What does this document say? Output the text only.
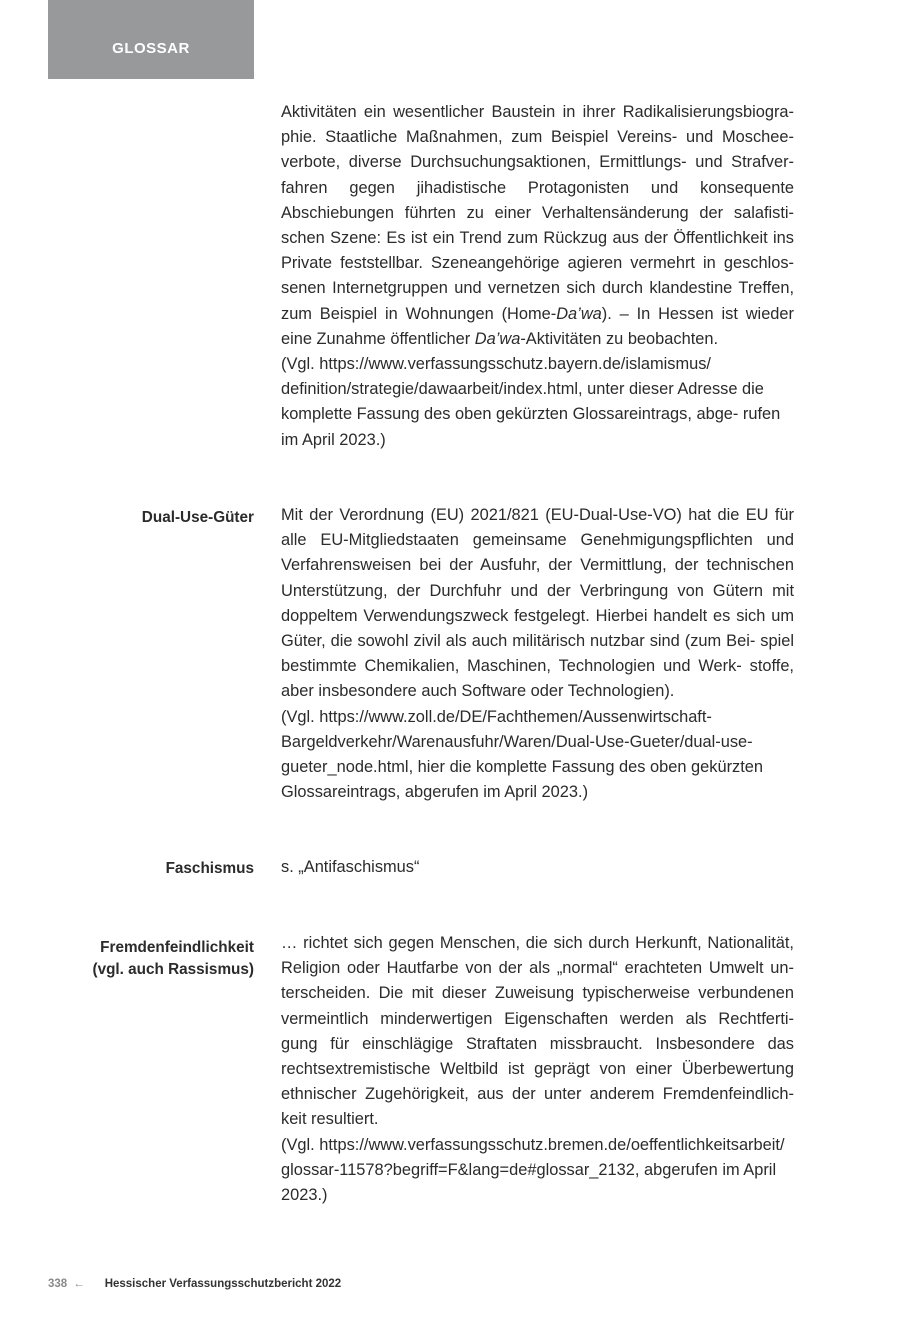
GLOSSAR

Aktivitäten ein wesentlicher Baustein in ihrer Radikalisierungsbiogra- phie. Staatliche Maßnahmen, zum Beispiel Vereins- und Moschee- verbote, diverse Durchsuchungsaktionen, Ermittlungs- und Strafver- fahren gegen jihadistische Protagonisten und konsequente Abschiebungen führten zu einer Verhaltensänderung der salafisti- schen Szene: Es ist ein Trend zum Rückzug aus der Öffentlichkeit ins Private feststellbar. Szeneangehörige agieren vermehrt in geschlos- senen Internetgruppen und vernetzen sich durch klandestine Treffen, zum Beispiel in Wohnungen (Home-Da’wa). – In Hessen ist wieder eine Zunahme öffentlicher Da’wa-Aktivitäten zu beobachten.

(Vgl. https://www.verfassungsschutz.bayern.de/islamismus/ definition/strategie/dawaarbeit/index.html, unter dieser Adresse die komplette Fassung des oben gekürzten Glossareintrags, abge- rufen im April 2023.)

Dual-Use-Güter Mit der Verordnung (EU) 2021/821 (EU-Dual-Use-VO) hat die EU für alle EU-Mitgliedstaaten gemeinsame Genehmigungspflichten und Verfahrensweisen bei der Ausfuhr, der Vermittlung, der technischen Unterstützung, der Durchfuhr und der Verbringung von Gütern mit doppeltem Verwendungszweck festgelegt. Hierbei handelt es sich um Güter, die sowohl zivil als auch militärisch nutzbar sind (zum Bei- spiel bestimmte Chemikalien, Maschinen, Technologien und Werk- stoffe, aber insbesondere auch Software oder Technologien).

(Vgl. https://www.zoll.de/DE/Fachthemen/Aussenwirtschaft- Bargeldverkehr/Warenausfuhr/Waren/Dual-Use-Gueter/dual-use- gueter_node.html, hier die komplette Fassung des oben gekürzten Glossareintrags, abgerufen im April 2023.)

Faschismus s. „Antifaschismus“

Fremdenfeindlichkeit
(vgl. auch Rassismus)

… richtet sich gegen Menschen, die sich durch Herkunft, Nationalität, Religion oder Hautfarbe von der als „normal“ erachteten Umwelt un- terscheiden. Die mit dieser Zuweisung typischerweise verbundenen vermeintlich minderwertigen Eigenschaften werden als Rechtferti- gung für einschlägige Straftaten missbraucht. Insbesondere das rechtsextremistische Weltbild ist geprägt von einer Überbewertung ethnischer Zugehörigkeit, aus der unter anderem Fremdenfeindlich- keit resultiert.

(Vgl. https://www.verfassungsschutz.bremen.de/oeffentlichkeitsarbeit/ glossar-11578?begriff=F&lang=de#glossar_2132, abgerufen im April 2023.)

338 ← Hessischer Verfassungsschutzbericht 2022
